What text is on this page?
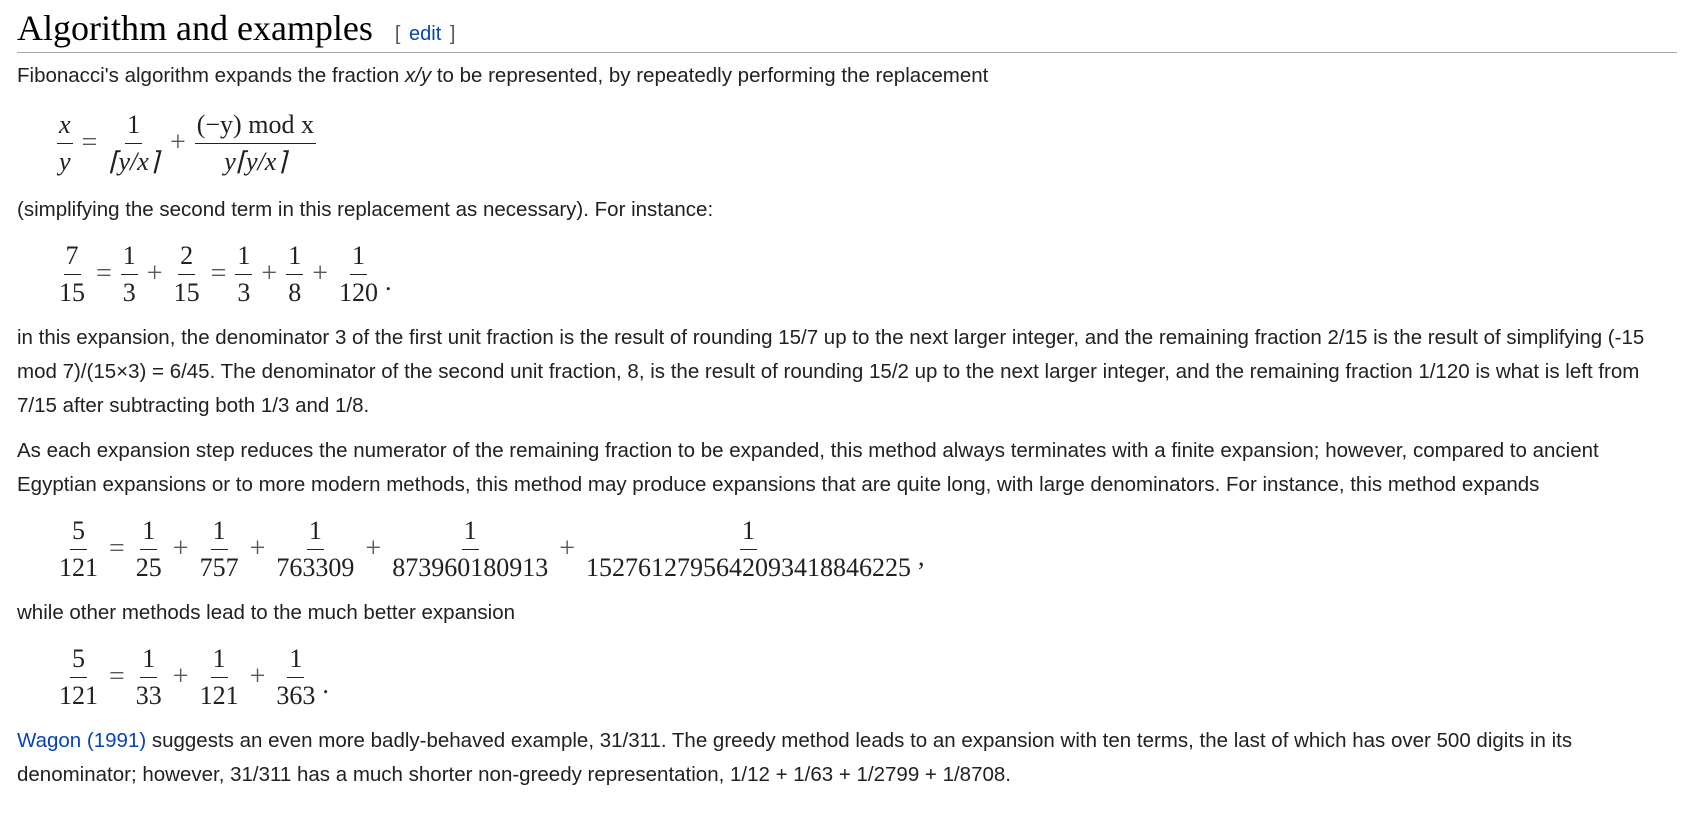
Algorithm and examples [ edit ]

Fibonacci's algorithm expands the fraction x/y to be represented, by repeatedly performing the replacement

$\frac{x}{y} = \frac{1}{⌈y/x⌉} + \frac{\text{(−y) mod x}}{y⌈y/x⌉}$

(simplifying the second term in this replacement as necessary). For instance:

$\frac{7}{15} = \frac{1}{3} + \frac{2}{15} = \frac{1}{3} + \frac{1}{8} + \frac{1}{120}$ .

in this expansion, the denominator 3 of the first unit fraction is the result of rounding 15/7 up to the next larger integer, and the remaining fraction 2/15 is the result of simplifying (-15 mod 7)/(15×3) = 6/45. The denominator of the second unit fraction, 8, is the result of rounding 15/2 up to the next larger integer, and the remaining fraction 1/120 is what is left from 7/15 after subtracting both 1/3 and 1/8.

As each expansion step reduces the numerator of the remaining fraction to be expanded, this method always terminates with a finite expansion; however, compared to ancient Egyptian expansions or to more modern methods, this method may produce expansions that are quite long, with large denominators. For instance, this method expands

$\frac{5}{121} = \frac{1}{25} + \frac{1}{757} + \frac{1}{763309} + \frac{1}{873960180913} + \frac{1}{1527612795642093418846225}$ ,

while other methods lead to the much better expansion

$\frac{5}{121} = \frac{1}{33} + \frac{1}{121} + \frac{1}{363}$ .

Wagon (1991) suggests an even more badly-behaved example, 31/311. The greedy method leads to an expansion with ten terms, the last of which has over 500 digits in its denominator; however, 31/311 has a much shorter non-greedy representation, 1/12 + 1/63 + 1/2799 + 1/8708.
